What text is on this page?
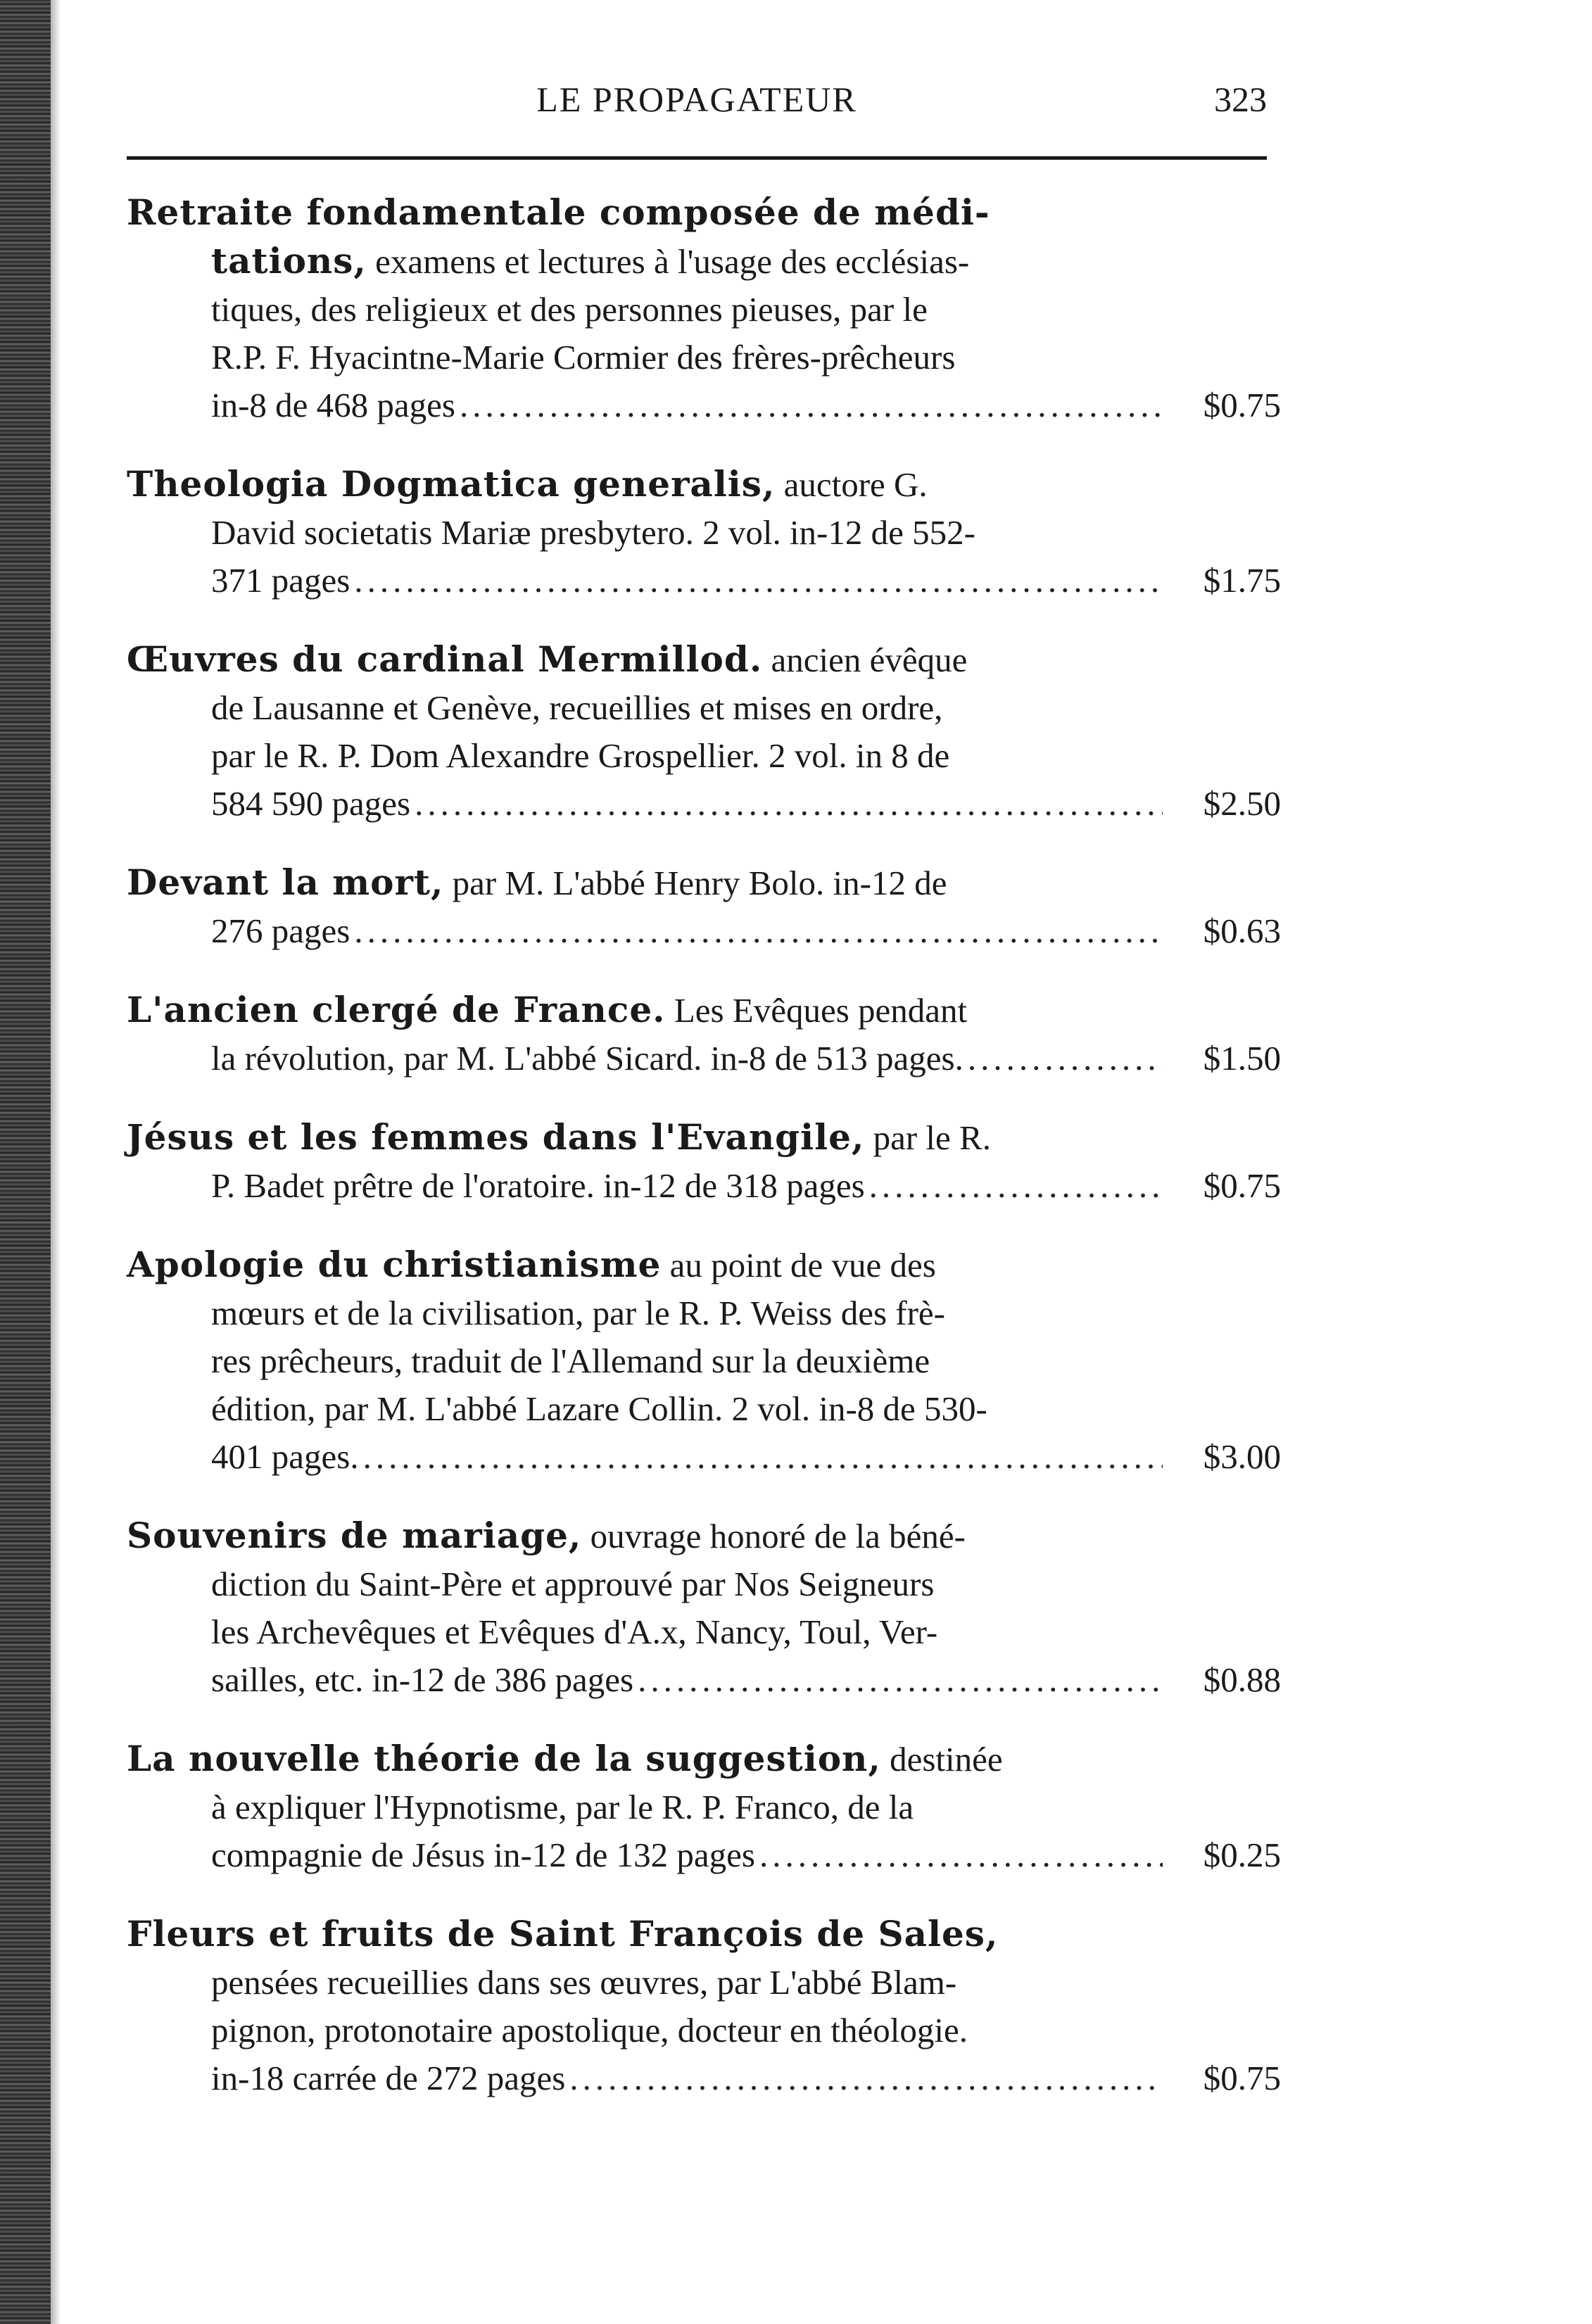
LE PROPAGATEUR	323
Retraite fondamentale composée de médi-
tations, examens et lectures à l'usage des ecclésias-
tiques, des religieux et des personnes pieuses, par le
R.P. F. Hyacintne-Marie Cormier des frères-prêcheurs
in-8 de 468 pages .....	$0.75
Theologia Dogmatica generalis, auctore G.
David societatis Mariæ presbytero. 2 vol. in-12 de 552-
371 pages .....	$1.75
Œuvres du cardinal Mermillod. ancien évêque
de Lausanne et Genève, recueillies et mises en ordre,
par le R. P. Dom Alexandre Grospellier. 2 vol. in 8 de
584 590 pages .....	$2.50
Devant la mort, par M. L'abbé Henry Bolo. in-12 de
276 pages .....	$0.63
L'ancien clergé de France. Les Evêques pendant
la révolution, par M. L'abbé Sicard. in-8 de 513 pages. .....	$1.50
Jésus et les femmes dans l'Evangile, par le R.
P. Badet prêtre de l'oratoire. in-12 de 318 pages .....	$0.75
Apologie du christianisme au point de vue des
mœurs et de la civilisation, par le R. P. Weiss des frè-
res prêcheurs, traduit de l'Allemand sur la deuxième
édition, par M. L'abbé Lazare Collin. 2 vol. in-8 de 530-
401 pages. .....	$3.00
Souvenirs de mariage, ouvrage honoré de la béné-
diction du Saint-Père et approuvé par Nos Seigneurs
les Archevêques et Evêques d'A.x, Nancy, Toul, Ver-
sailles, etc. in-12 de 386 pages .....	$0.88
La nouvelle théorie de la suggestion, destinée
à expliquer l'Hypnotisme, par le R. P. Franco, de la
compagnie de Jésus in-12 de 132 pages .....	$0.25
Fleurs et fruits de Saint François de Sales,
pensées recueillies dans ses œuvres, par L'abbé Blam-
pignon, protonotaire apostolique, docteur en théologie.
in-18 carrée de 272 pages .....	$0.75
